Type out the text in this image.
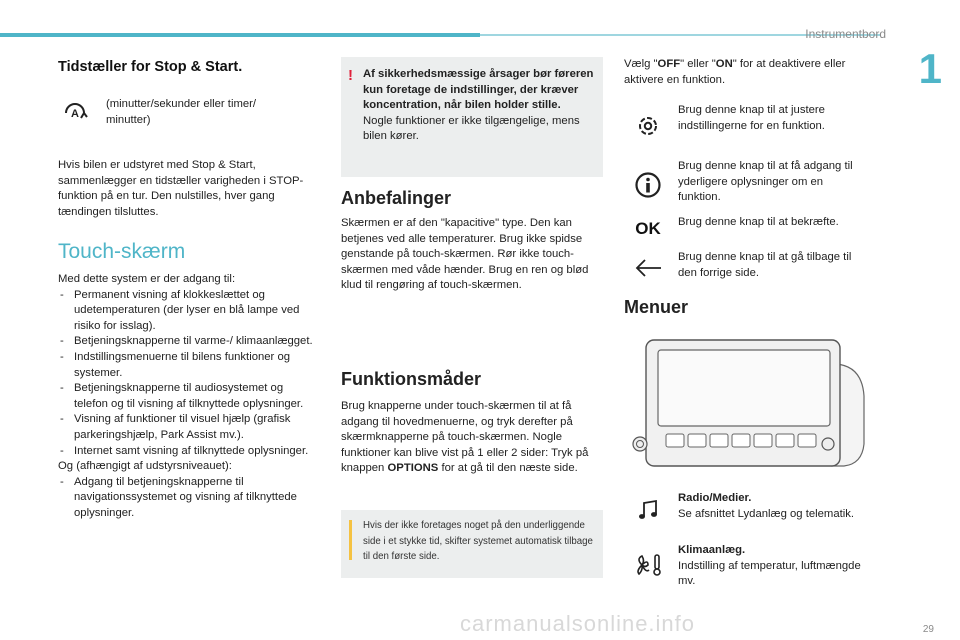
Instrumentbord
1
Tidstæller for Stop & Start.
A

(minutter/sekunder eller timer/ minutter)

Hvis bilen er udstyret med Stop & Start, sammenlægger en tidstæller varigheden i STOP-funktion på en tur. Den nulstilles, hver gang tændingen tilsluttes.

Touch-skærm

Med dette system er der adgang til:

- Permanent visning af klokkeslættet og udetemperaturen (der lyser en blå lampe ved risiko for isslag).
- Betjeningsknapperne til varme-/ klimaanlægget.
- Indstillingsmenuerne til bilens funktioner og systemer.
- Betjeningsknapperne til audiosystemet og telefon og til visning af tilknyttede oplysninger.
- Visning af funktioner til visuel hjælp (grafisk parkeringshjælp, Park Assist mv.).
- Internet samt visning af tilknyttede oplysninger.

Og (afhængigt af udstyrsniveauet):

- Adgang til betjeningsknapperne til navigationssystemet og visning af tilknyttede oplysninger.
! Af sikkerhedsmæssige årsager bør føreren kun foretage de indstillinger, der kræver koncentration, når bilen holder stille.

Nogle funktioner er ikke tilgængelige, mens bilen kører.

Anbefalinger

Skærmen er af den "kapacitive" type. Den kan betjenes ved alle temperaturer. Brug ikke spidse genstande på touch-skærmen. Rør ikke touch-skærmen med våde hænder. Brug en ren og blød klud til rengøring af touch-skærmen.

Funktionsmåder

Brug knapperne under touch-skærmen til at få adgang til hovedmenuerne, og tryk derefter på skærmknapperne på touch-skærmen. Nogle funktioner kan blive vist på 1 eller 2 sider: Tryk på knappen OPTIONS for at gå til den næste side.

Hvis der ikke foretages noget på den underliggende side i et stykke tid, skifter systemet automatisk tilbage til den første side.

Vælg "OFF" eller "ON" for at deaktivere eller aktivere en funktion.

Brug denne knap til at justere indstillingerne for en funktion.

Brug denne knap til at få adgang til yderligere oplysninger om en funktion.

OK	Brug denne knap til at bekræfte.

Brug denne knap til at gå tilbage til den forrige side.

Menuer

Radio/Medier.

Se afsnittet Lydanlæg og telematik.

Klimaanlæg.

Indstilling af temperatur, luftmængde mv.

carmanualsonline.info	29
